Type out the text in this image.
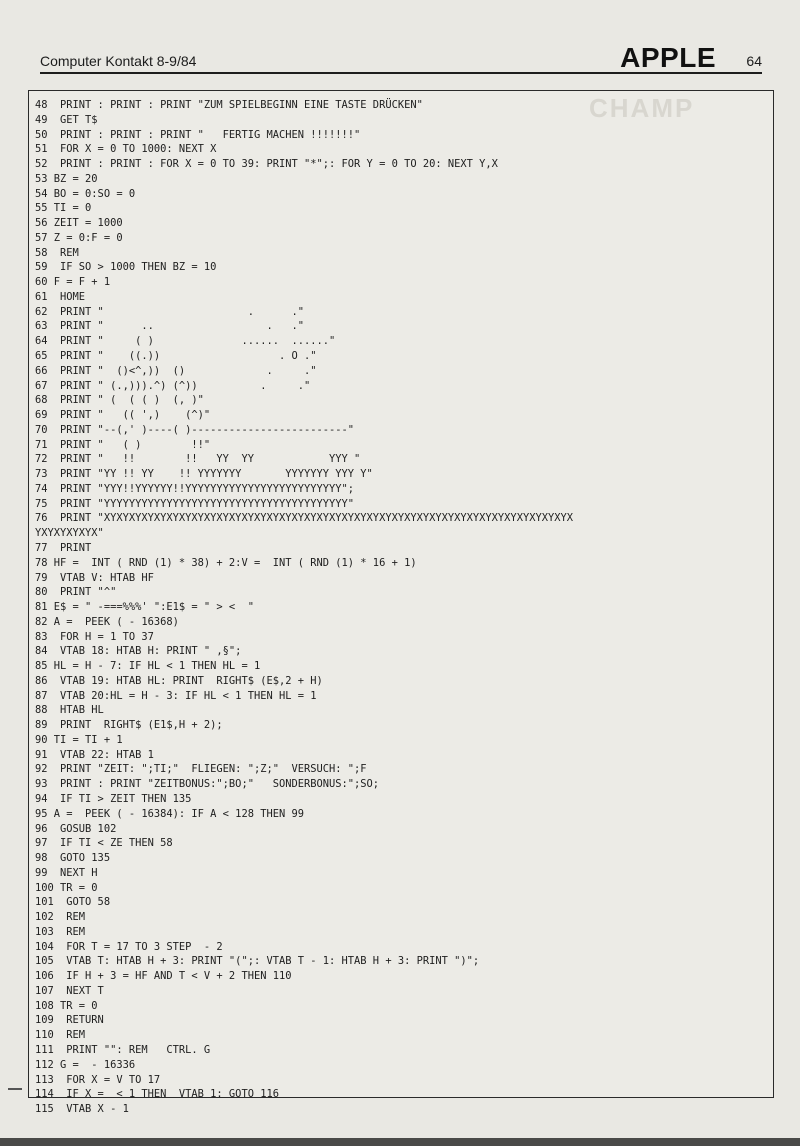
Computer Kontakt 8-9/84	APPLE 64
CHAMP
48  PRINT : PRINT : PRINT "ZUM SPIELBEGINN EINE TASTE DRÜCKEN"
49  GET T$
50  PRINT : PRINT : PRINT "   FERTIG MACHEN !!!!!!!"
51  FOR X = 0 TO 1000: NEXT X
52  PRINT : PRINT : FOR X = 0 TO 39: PRINT "*";: FOR Y = 0 TO 20: NEXT Y,X
53 BZ = 20
54 BO = 0:SO = 0
55 TI = 0
56 ZEIT = 1000
57 Z = 0:F = 0
58  REM
59  IF SO > 1000 THEN BZ = 10
60 F = F + 1
61  HOME
62  PRINT "                       .      ."
63  PRINT "      ..                  .   ."
64  PRINT "     ( )              ......  ......"
65  PRINT "    ((.))                   . O ."
66  PRINT "  ()<^,))  ()             .     ."
67  PRINT " (.,))).^) (^))          .     ."
68  PRINT " (  ( ( )  (, )"
69  PRINT "   (( ',)    (^)"
70  PRINT "--(,' )----( )-------------------------"
71  PRINT "   ( )        !!"
72  PRINT "   !!        !!   YY  YY            YYY "
73  PRINT "YY !! YY    !! YYYYYYY       YYYYYYY YYY Y"
74  PRINT "YYY!!YYYYYY!!YYYYYYYYYYYYYYYYYYYYYYYYY";
75  PRINT "YYYYYYYYYYYYYYYYYYYYYYYYYYYYYYYYYYYYYYY"
76  PRINT "XYXYXYXYXYXYXYXYXYXYXYXYXYXYXYXYXYXYXYXYXYXYXYXYXYXYXYXYXYXYXYXYXYXYXYXYXYX
YXYXYXYXYX"
77  PRINT
78 HF =  INT ( RND (1) * 38) + 2:V =  INT ( RND (1) * 16 + 1)
79  VTAB V: HTAB HF
80  PRINT "^"
81 E$ = " -===%%%' ":E1$ = " > <  "
82 A =  PEEK ( - 16368)
83  FOR H = 1 TO 37
84  VTAB 18: HTAB H: PRINT " ,§";
85 HL = H - 7: IF HL < 1 THEN HL = 1
86  VTAB 19: HTAB HL: PRINT  RIGHT$ (E$,2 + H)
87  VTAB 20:HL = H - 3: IF HL < 1 THEN HL = 1
88  HTAB HL
89  PRINT  RIGHT$ (E1$,H + 2);
90 TI = TI + 1
91  VTAB 22: HTAB 1
92  PRINT "ZEIT: ";TI;"  FLIEGEN: ";Z;"  VERSUCH: ";F
93  PRINT : PRINT "ZEITBONUS:";BO;"   SONDERBONUS:";SO;
94  IF TI > ZEIT THEN 135
95 A =  PEEK ( - 16384): IF A < 128 THEN 99
96  GOSUB 102
97  IF TI < ZE THEN 58
98  GOTO 135
99  NEXT H
100 TR = 0
101  GOTO 58
102  REM
103  REM
104  FOR T = 17 TO 3 STEP  - 2
105  VTAB T: HTAB H + 3: PRINT "(";: VTAB T - 1: HTAB H + 3: PRINT ")";
106  IF H + 3 = HF AND T < V + 2 THEN 110
107  NEXT T
108 TR = 0
109  RETURN
110  REM
111  PRINT "": REM   CTRL. G
112 G =  - 16336
113  FOR X = V TO 17
114  IF X =  < 1 THEN  VTAB 1: GOTO 116
115  VTAB X - 1
